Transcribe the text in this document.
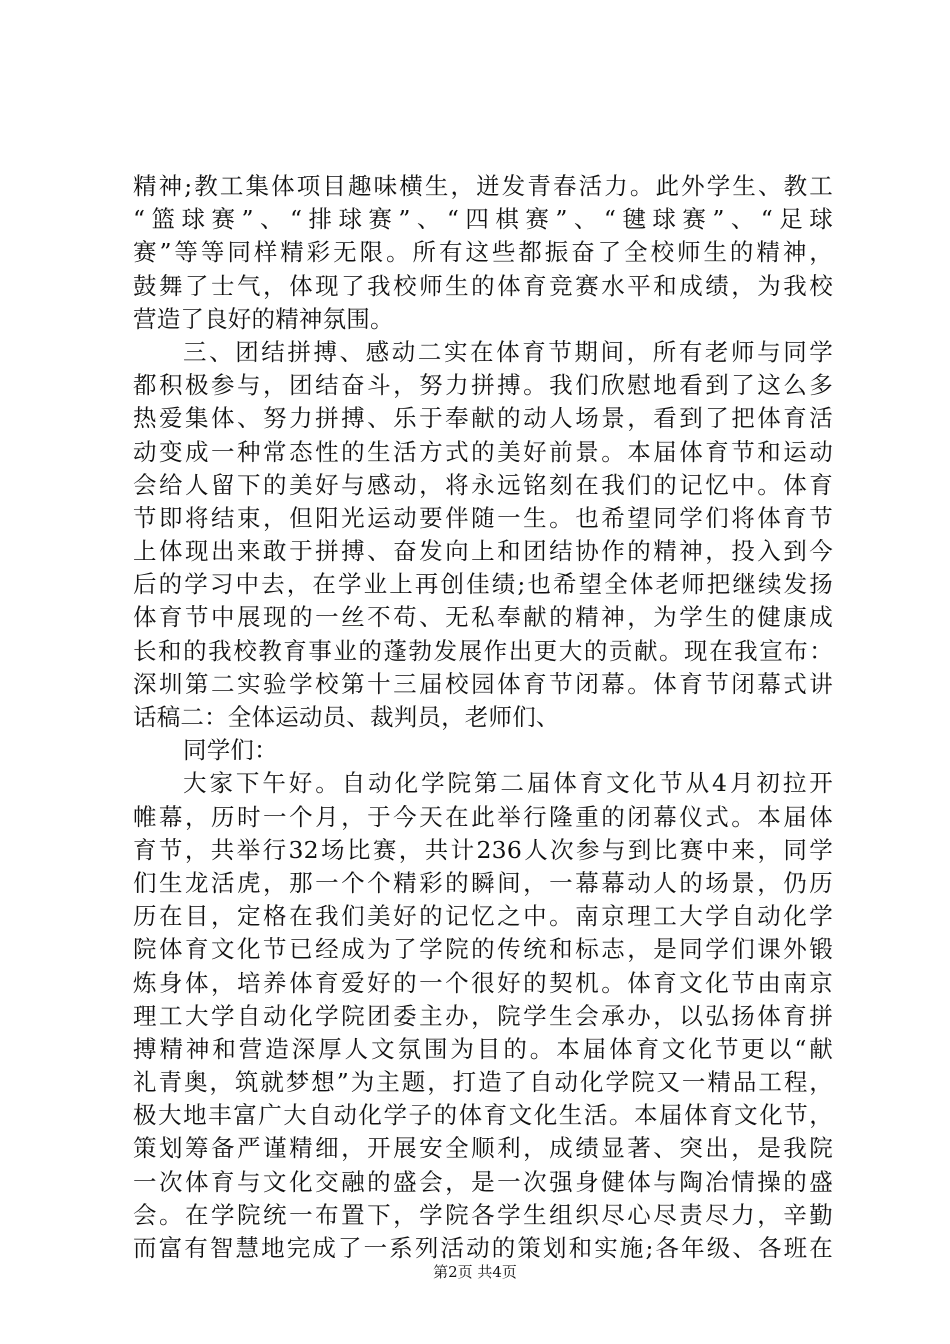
精神;教工集体项目趣味横生，迸发青春活力。此外学生、教工
“篮球赛”、“排球赛”、“四棋赛”、“毽球赛”、“足球
赛”等等同样精彩无限。所有这些都振奋了全校师生的精神，
鼓舞了士气，体现了我校师生的体育竞赛水平和成绩，为我校
营造了良好的精神氛围。
三、团结拼搏、感动二实在体育节期间，所有老师与同学
都积极参与，团结奋斗，努力拼搏。我们欣慰地看到了这么多
热爱集体、努力拼搏、乐于奉献的动人场景，看到了把体育活
动变成一种常态性的生活方式的美好前景。本届体育节和运动
会给人留下的美好与感动，将永远铭刻在我们的记忆中。体育
节即将结束，但阳光运动要伴随一生。也希望同学们将体育节
上体现出来敢于拼搏、奋发向上和团结协作的精神，投入到今
后的学习中去，在学业上再创佳绩;也希望全体老师把继续发扬
体育节中展现的一丝不苟、无私奉献的精神，为学生的健康成
长和的我校教育事业的蓬勃发展作出更大的贡献。现在我宣布：
深圳第二实验学校第十三届校园体育节闭幕。体育节闭幕式讲
话稿二：全体运动员、裁判员，老师们、
同学们：
大家下午好。自动化学院第二届体育文化节从4月初拉开
帷幕，历时一个月，于今天在此举行隆重的闭幕仪式。本届体
育节，共举行32场比赛，共计236人次参与到比赛中来，同学
们生龙活虎，那一个个精彩的瞬间，一幕幕动人的场景，仍历
历在目，定格在我们美好的记忆之中。南京理工大学自动化学
院体育文化节已经成为了学院的传统和标志，是同学们课外锻
炼身体，培养体育爱好的一个很好的契机。体育文化节由南京
理工大学自动化学院团委主办，院学生会承办，以弘扬体育拼
搏精神和营造深厚人文氛围为目的。本届体育文化节更以“献
礼青奥，筑就梦想”为主题，打造了自动化学院又一精品工程，
极大地丰富广大自动化学子的体育文化生活。本届体育文化节，
策划筹备严谨精细，开展安全顺利，成绩显著、突出，是我院
一次体育与文化交融的盛会，是一次强身健体与陶冶情操的盛
会。在学院统一布置下，学院各学生组织尽心尽责尽力，辛勤
而富有智慧地完成了一系列活动的策划和实施;各年级、各班在
第2页 共4页
